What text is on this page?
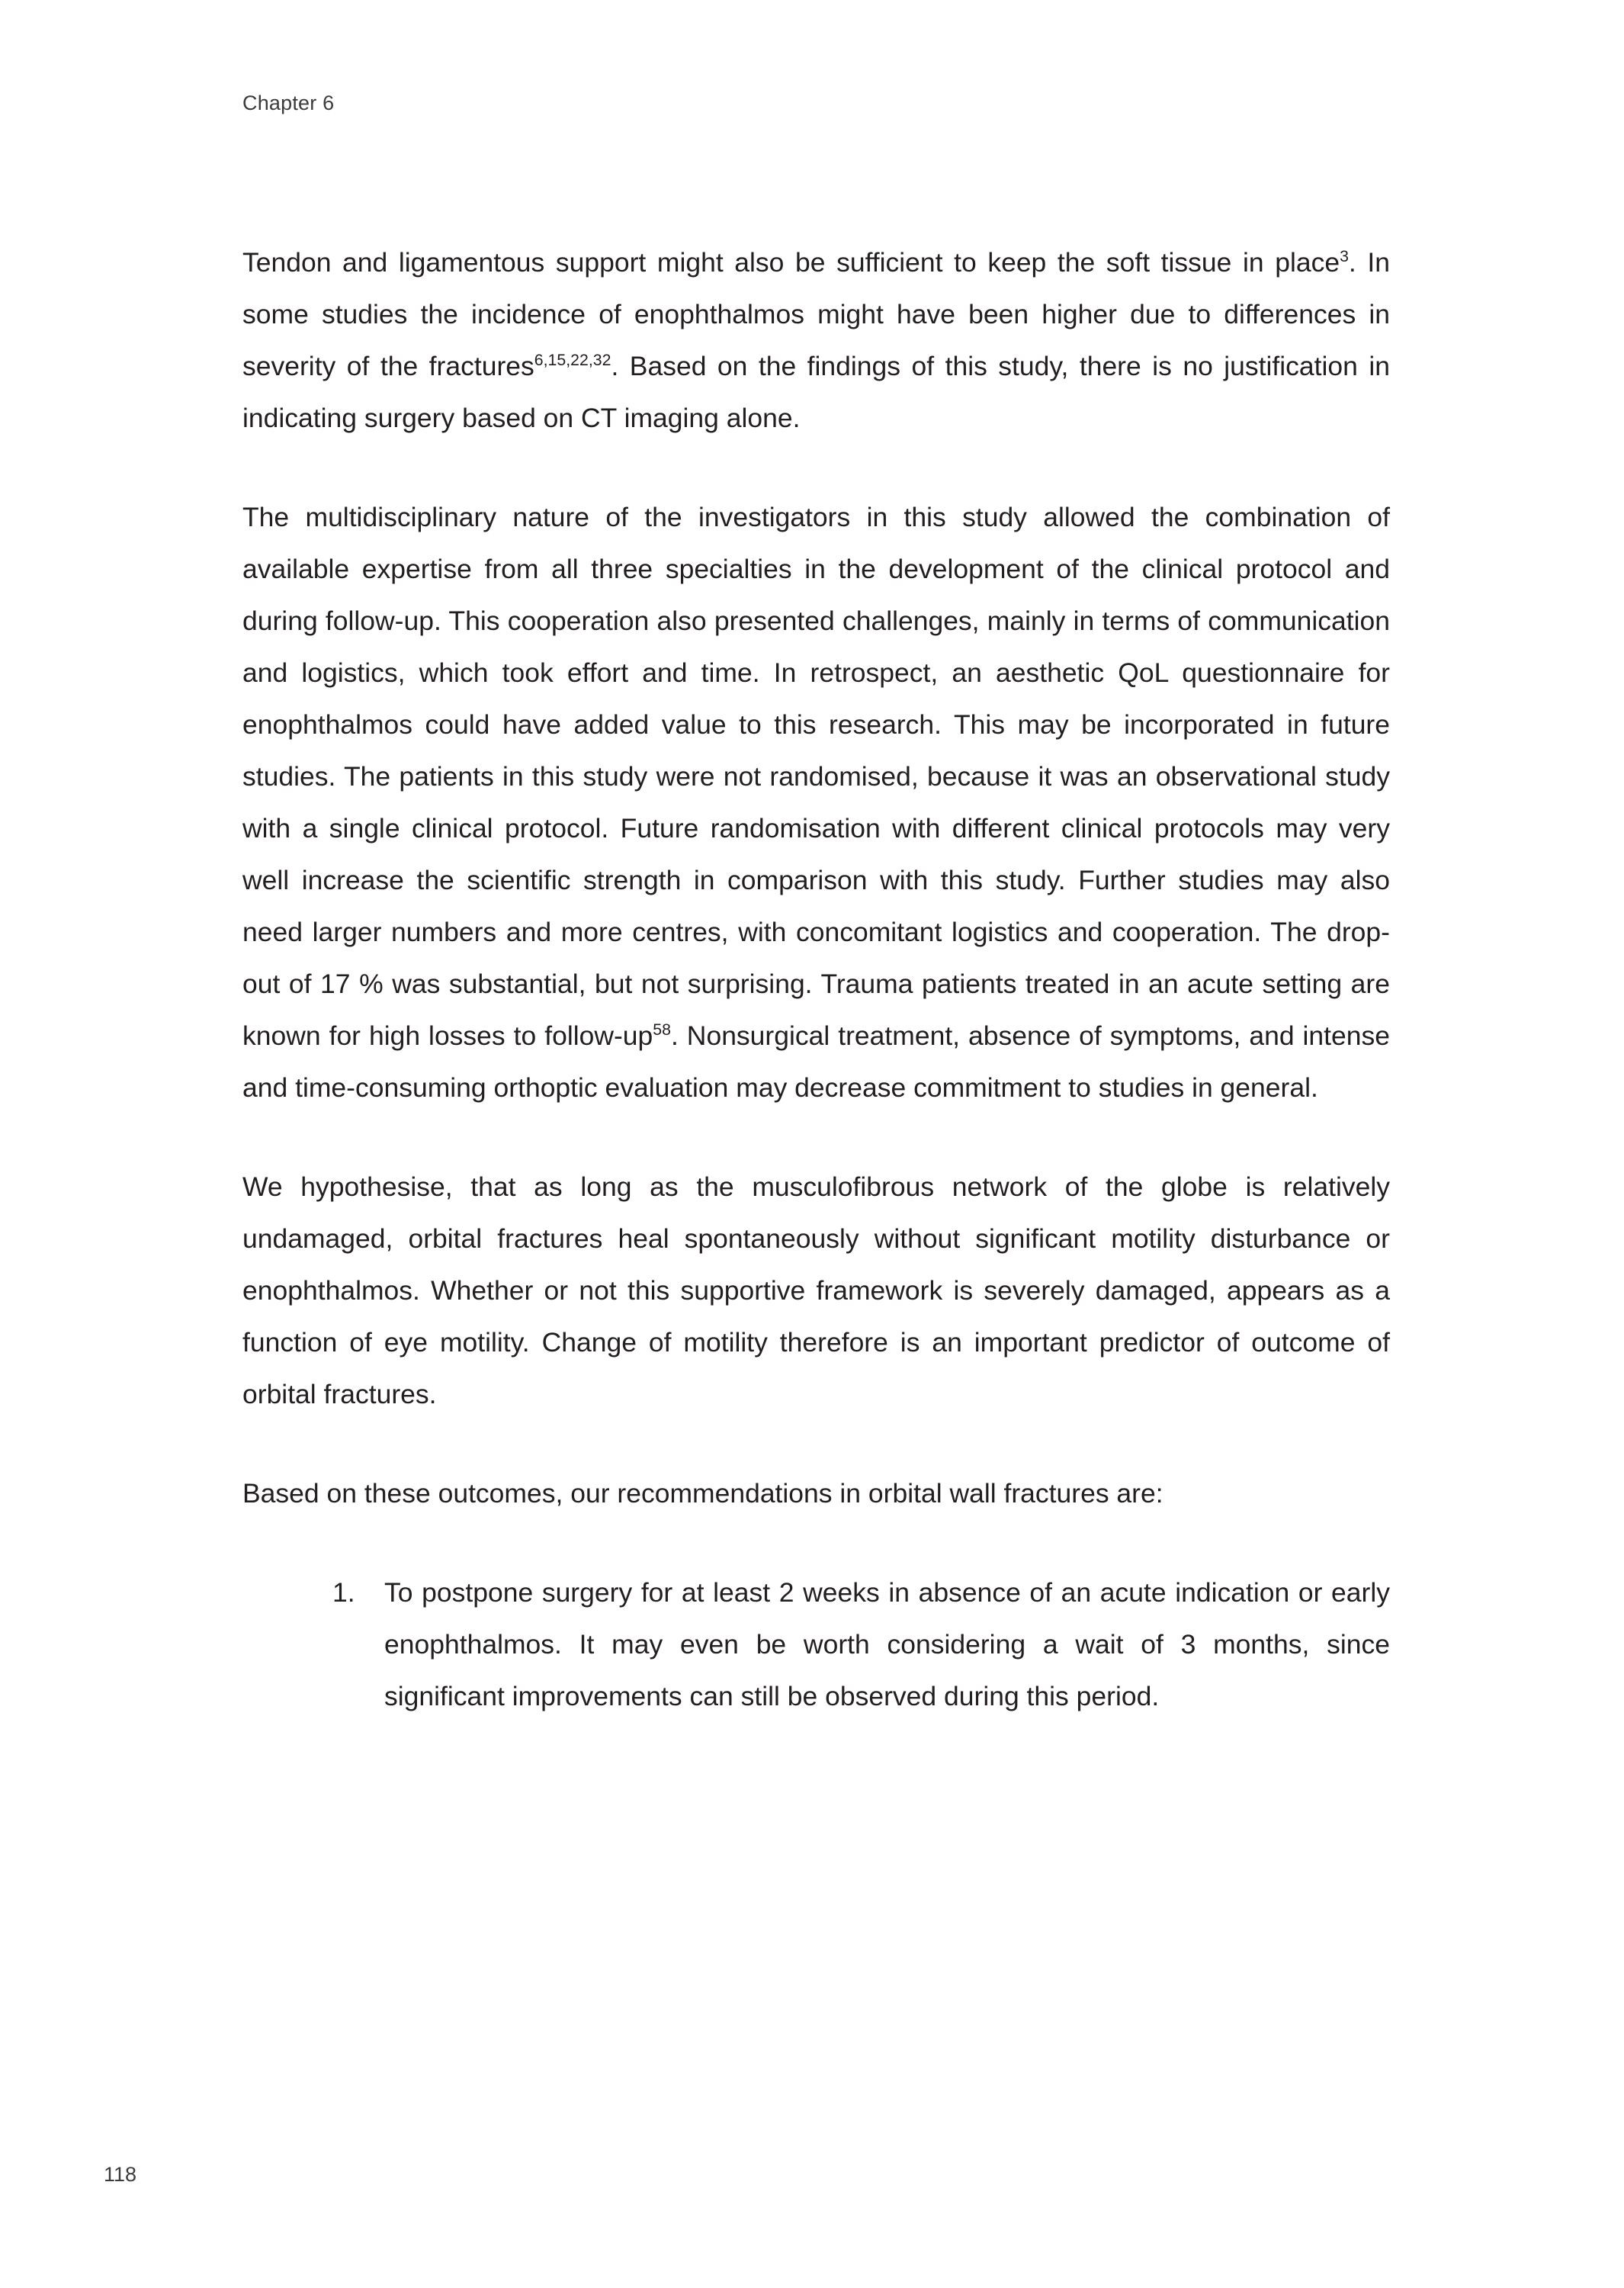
Chapter 6

Tendon and ligamentous support might also be sufficient to keep the soft tissue in place$^3$. In some studies the incidence of enophthalmos might have been higher due to differences in severity of the fractures$^{6,15,22,32}$. Based on the findings of this study, there is no justification in indicating surgery based on CT imaging alone.

The multidisciplinary nature of the investigators in this study allowed the combination of available expertise from all three specialties in the development of the clinical protocol and during follow-up. This cooperation also presented challenges, mainly in terms of communication and logistics, which took effort and time. In retrospect, an aesthetic QoL questionnaire for enophthalmos could have added value to this research. This may be incorporated in future studies. The patients in this study were not randomised, because it was an observational study with a single clinical protocol. Future randomisation with different clinical protocols may very well increase the scientific strength in comparison with this study. Further studies may also need larger numbers and more centres, with concomitant logistics and cooperation. The drop-out of 17 % was substantial, but not surprising. Trauma patients treated in an acute setting are known for high losses to follow-$up^{58}$. Nonsurgical treatment, absence of symptoms, and intense and time-consuming orthoptic evaluation may decrease commitment to studies in general.

We hypothesise, that as long as the musculofibrous network of the globe is relatively undamaged, orbital fractures heal spontaneously without significant motility disturbance or enophthalmos. Whether or not this supportive framework is severely damaged, appears as a function of eye motility. Change of motility therefore is an important predictor of outcome of orbital fractures.

Based on these outcomes, our recommendations in orbital wall fractures are:

To postpone surgery for at least 2 weeks in absence of an acute indication or early enophthalmos. It may even be worth considering a wait of 3 months, since significant improvements can still be observed during this period.
118
